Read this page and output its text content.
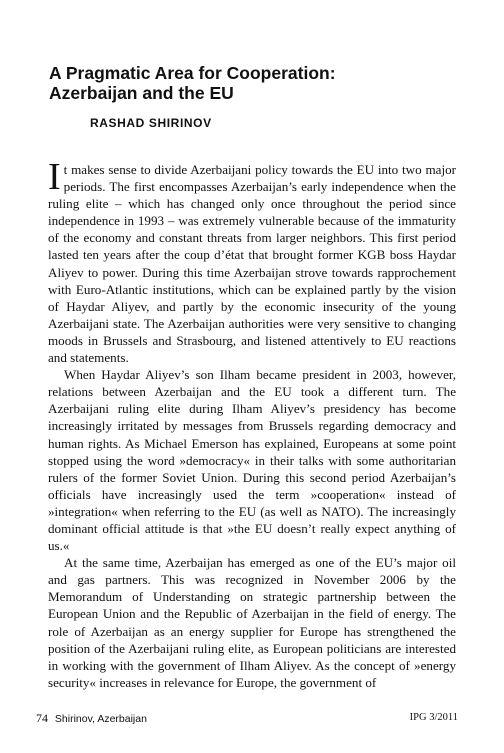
A Pragmatic Area for Cooperation:
Azerbaijan and the EU
RASHAD SHIRINOV

It makes sense to divide Azerbaijani policy towards the EU into two major periods. The first encompasses Azerbaijan’s early independence when the ruling elite – which has changed only once throughout the period since independence in 1993 – was extremely vulnerable because of the immaturity of the economy and constant threats from larger neighbors. This first period lasted ten years after the coup d’état that brought former KGB boss Haydar Aliyev to power. During this time Azerbaijan strove towards rapprochement with Euro-Atlantic institutions, which can be explained partly by the vision of Haydar Aliyev, and partly by the economic insecurity of the young Azerbaijani state. The Azerbaijan authorities were very sensitive to changing moods in Brussels and Strasbourg, and listened attentively to EU reactions and statements.

When Haydar Aliyev’s son Ilham became president in 2003, however, relations between Azerbaijan and the EU took a different turn. The Azerbaijani ruling elite during Ilham Aliyev’s presidency has become increasingly irritated by messages from Brussels regarding democracy and human rights. As Michael Emerson has explained, Europeans at some point stopped using the word »democracy« in their talks with some authoritarian rulers of the former Soviet Union. During this second period Azerbaijan’s officials have increasingly used the term »cooperation« instead of »integration« when referring to the EU (as well as NATO). The increasingly dominant official attitude is that »the EU doesn’t really expect anything of us.«

At the same time, Azerbaijan has emerged as one of the EU’s major oil and gas partners. This was recognized in November 2006 by the Memorandum of Understanding on strategic partnership between the European Union and the Republic of Azerbaijan in the field of energy. The role of Azerbaijan as an energy supplier for Europe has strengthened the position of the Azerbaijani ruling elite, as European politicians are interested in working with the government of Ilham Aliyev. As the concept of »energy security« increases in relevance for Europe, the government of

74 Shirinov, Azerbaijan	IPG 3/2011
